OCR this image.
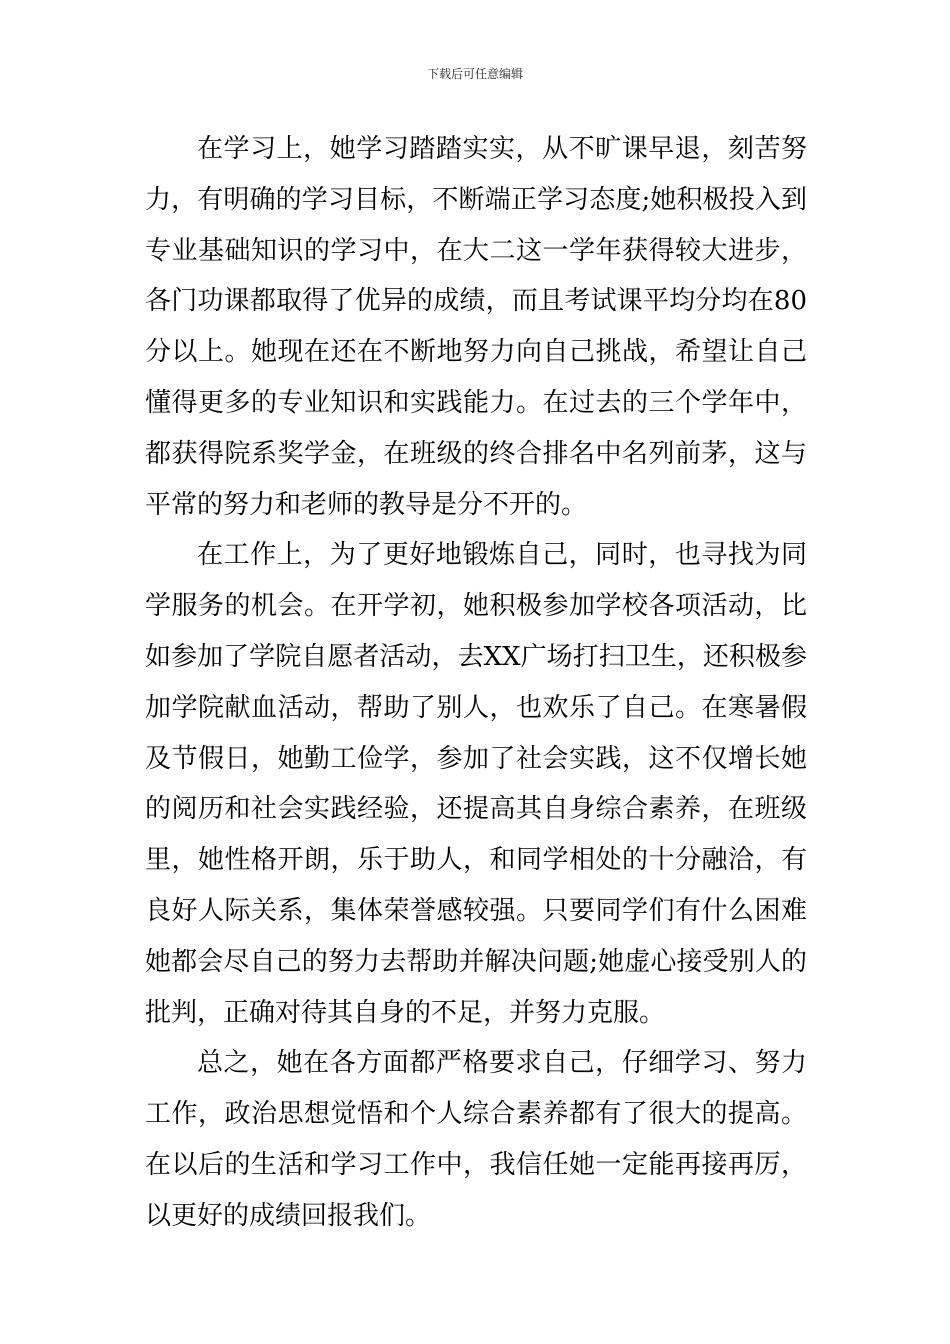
下载后可任意编辑

在学习上，她学习踏踏实实，从不旷课早退，刻苦努力，有明确的学习目标，不断端正学习态度;她积极投入到专业基础知识的学习中，在大二这一学年获得较大进步，各门功课都取得了优异的成绩，而且考试课平均分均在80分以上。她现在还在不断地努力向自己挑战，希望让自己懂得更多的专业知识和实践能力。在过去的三个学年中，都获得院系奖学金，在班级的终合排名中名列前茅，这与平常的努力和老师的教导是分不开的。

在工作上，为了更好地锻炼自己，同时，也寻找为同学服务的机会。在开学初，她积极参加学校各项活动，比如参加了学院自愿者活动，去XX广场打扫卫生，还积极参加学院献血活动，帮助了别人，也欢乐了自己。在寒暑假及节假日，她勤工俭学，参加了社会实践，这不仅增长她的阅历和社会实践经验，还提高其自身综合素养，在班级里，她性格开朗，乐于助人，和同学相处的十分融洽，有良好人际关系，集体荣誉感较强。只要同学们有什么困难她都会尽自己的努力去帮助并解决问题;她虚心接受别人的批判，正确对待其自身的不足，并努力克服。

总之，她在各方面都严格要求自己，仔细学习、努力工作，政治思想觉悟和个人综合素养都有了很大的提高。在以后的生活和学习工作中，我信任她一定能再接再厉，以更好的成绩回报我们。
